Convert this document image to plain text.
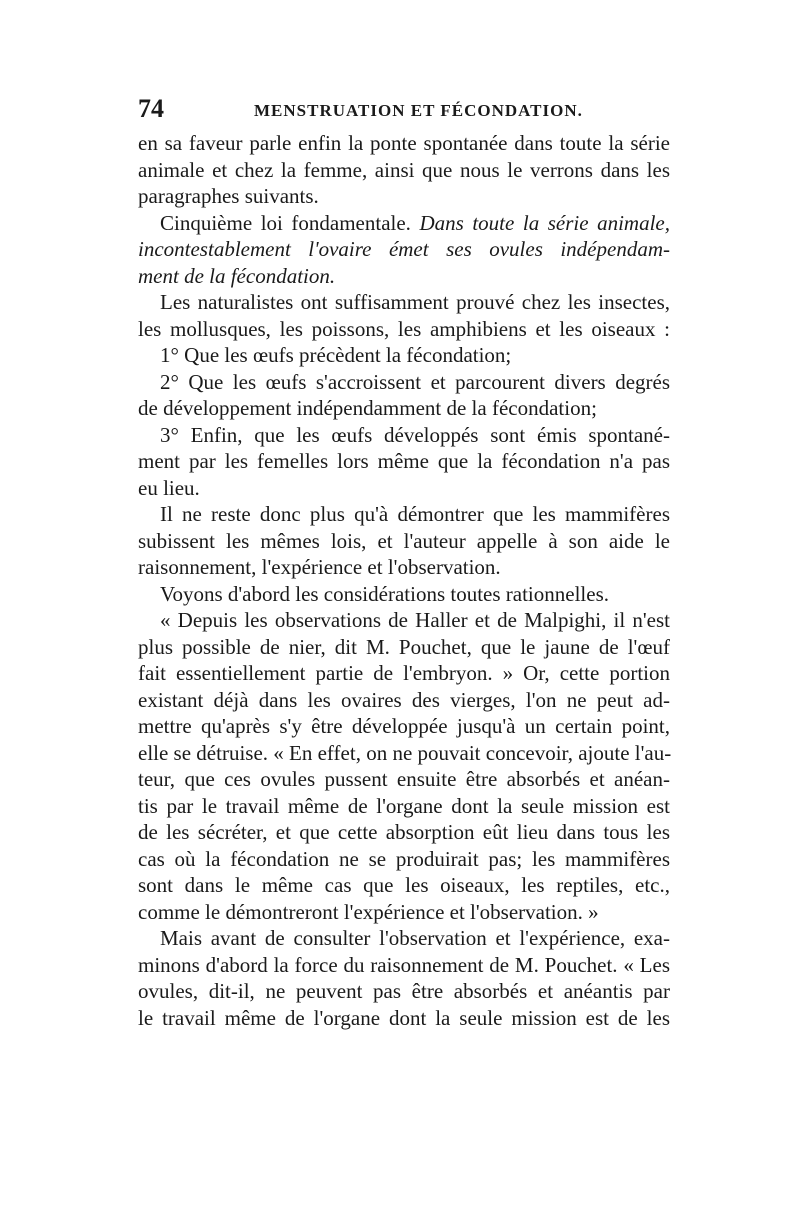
74	MENSTRUATION ET FÉCONDATION.
en sa faveur parle enfin la ponte spontanée dans toute la série
animale et chez la femme, ainsi que nous le verrons dans les
paragraphes suivants.
Cinquième loi fondamentale. Dans toute la série animale,
incontestablement l'ovaire émet ses ovules indépendam-
ment de la fécondation.
Les naturalistes ont suffisamment prouvé chez les insectes,
les mollusques, les poissons, les amphibiens et les oiseaux :
1° Que les œufs précèdent la fécondation;
2° Que les œufs s'accroissent et parcourent divers degrés
de développement indépendamment de la fécondation;
3° Enfin, que les œufs développés sont émis spontané-
ment par les femelles lors même que la fécondation n'a pas
eu lieu.
Il ne reste donc plus qu'à démontrer que les mammifères
subissent les mêmes lois, et l'auteur appelle à son aide le
raisonnement, l'expérience et l'observation.
Voyons d'abord les considérations toutes rationnelles.
« Depuis les observations de Haller et de Malpighi, il n'est
plus possible de nier, dit M. Pouchet, que le jaune de l'œuf
fait essentiellement partie de l'embryon. » Or, cette portion
existant déjà dans les ovaires des vierges, l'on ne peut ad-
mettre qu'après s'y être développée jusqu'à un certain point,
elle se détruise. « En effet, on ne pouvait concevoir, ajoute l'au-
teur, que ces ovules pussent ensuite être absorbés et anéan-
tis par le travail même de l'organe dont la seule mission est
de les sécréter, et que cette absorption eût lieu dans tous les
cas où la fécondation ne se produirait pas; les mammifères
sont dans le même cas que les oiseaux, les reptiles, etc.,
comme le démontreront l'expérience et l'observation. »
Mais avant de consulter l'observation et l'expérience, exa-
minons d'abord la force du raisonnement de M. Pouchet. « Les
ovules, dit-il, ne peuvent pas être absorbés et anéantis par
le travail même de l'organe dont la seule mission est de les
